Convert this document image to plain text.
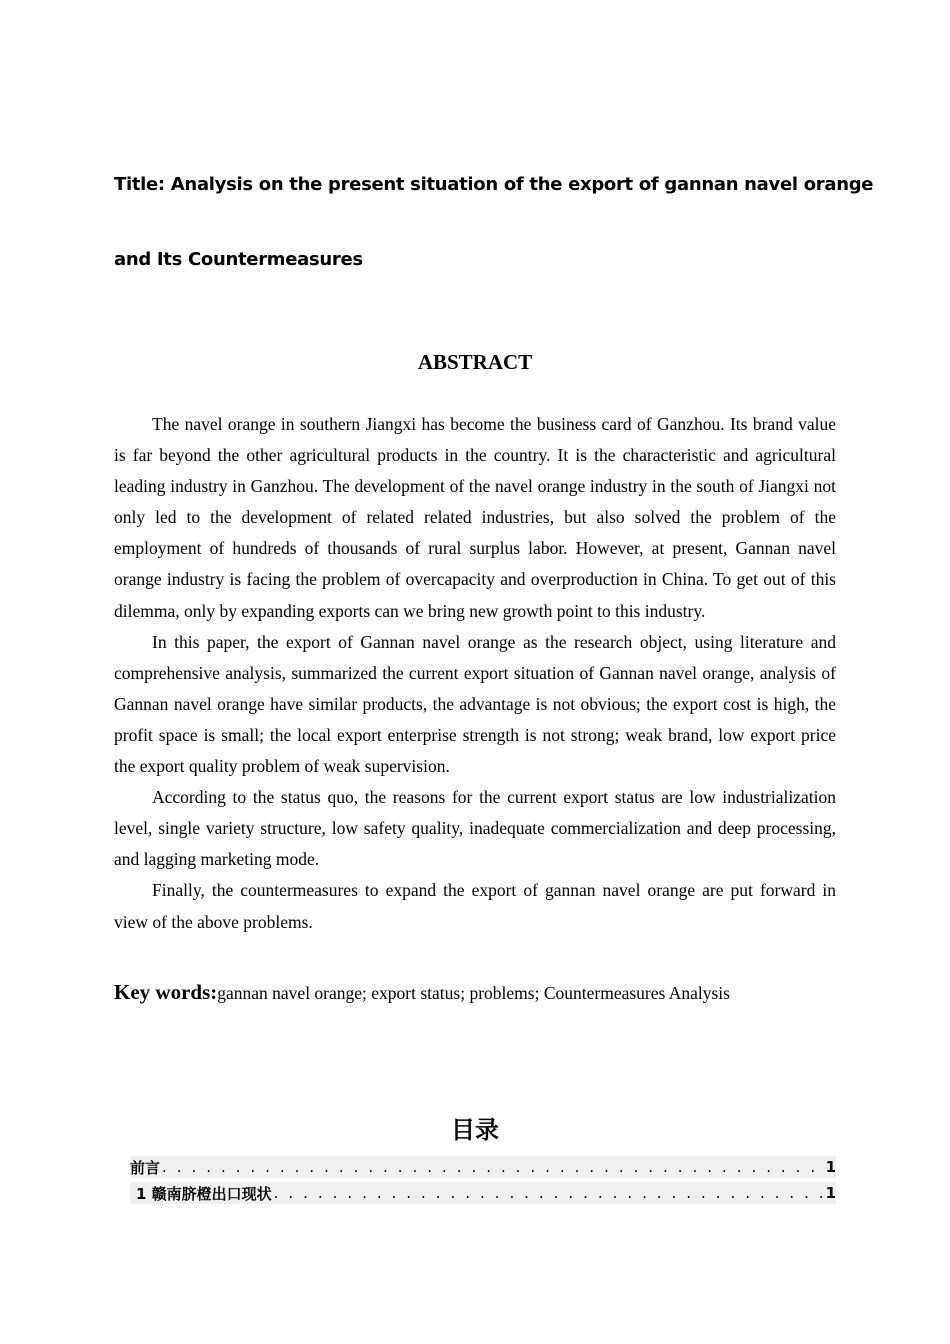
Title: Analysis on the present situation of the export of gannan navel orange
and Its Countermeasures
ABSTRACT

The navel orange in southern Jiangxi has become the business card of Ganzhou. Its brand value is far beyond the other agricultural products in the country. It is the characteristic and agricultural leading industry in Ganzhou. The development of the navel orange industry in the south of Jiangxi not only led to the development of related related industries, but also solved the problem of the employment of hundreds of thousands of rural surplus labor. However, at present, Gannan navel orange industry is facing the problem of overcapacity and overproduction in China. To get out of this dilemma, only by expanding exports can we bring new growth point to this industry.

In this paper, the export of Gannan navel orange as the research object, using literature and comprehensive analysis, summarized the current export situation of Gannan navel orange, analysis of Gannan navel orange have similar products, the advantage is not obvious; the export cost is high, the profit space is small; the local export enterprise strength is not strong; weak brand, low export price the export quality problem of weak supervision.

According to the status quo, the reasons for the current export status are low industrialization level, single variety structure, low safety quality, inadequate commercialization and deep processing, and lagging marketing mode.

Finally, the countermeasures to expand the export of gannan navel orange are put forward in view of the above problems.

Key words:gannan navel orange; export status; problems; Countermeasures Analysis
目录
前言 . . .	1
1 赣南脐橙出口现状 . . .	1
